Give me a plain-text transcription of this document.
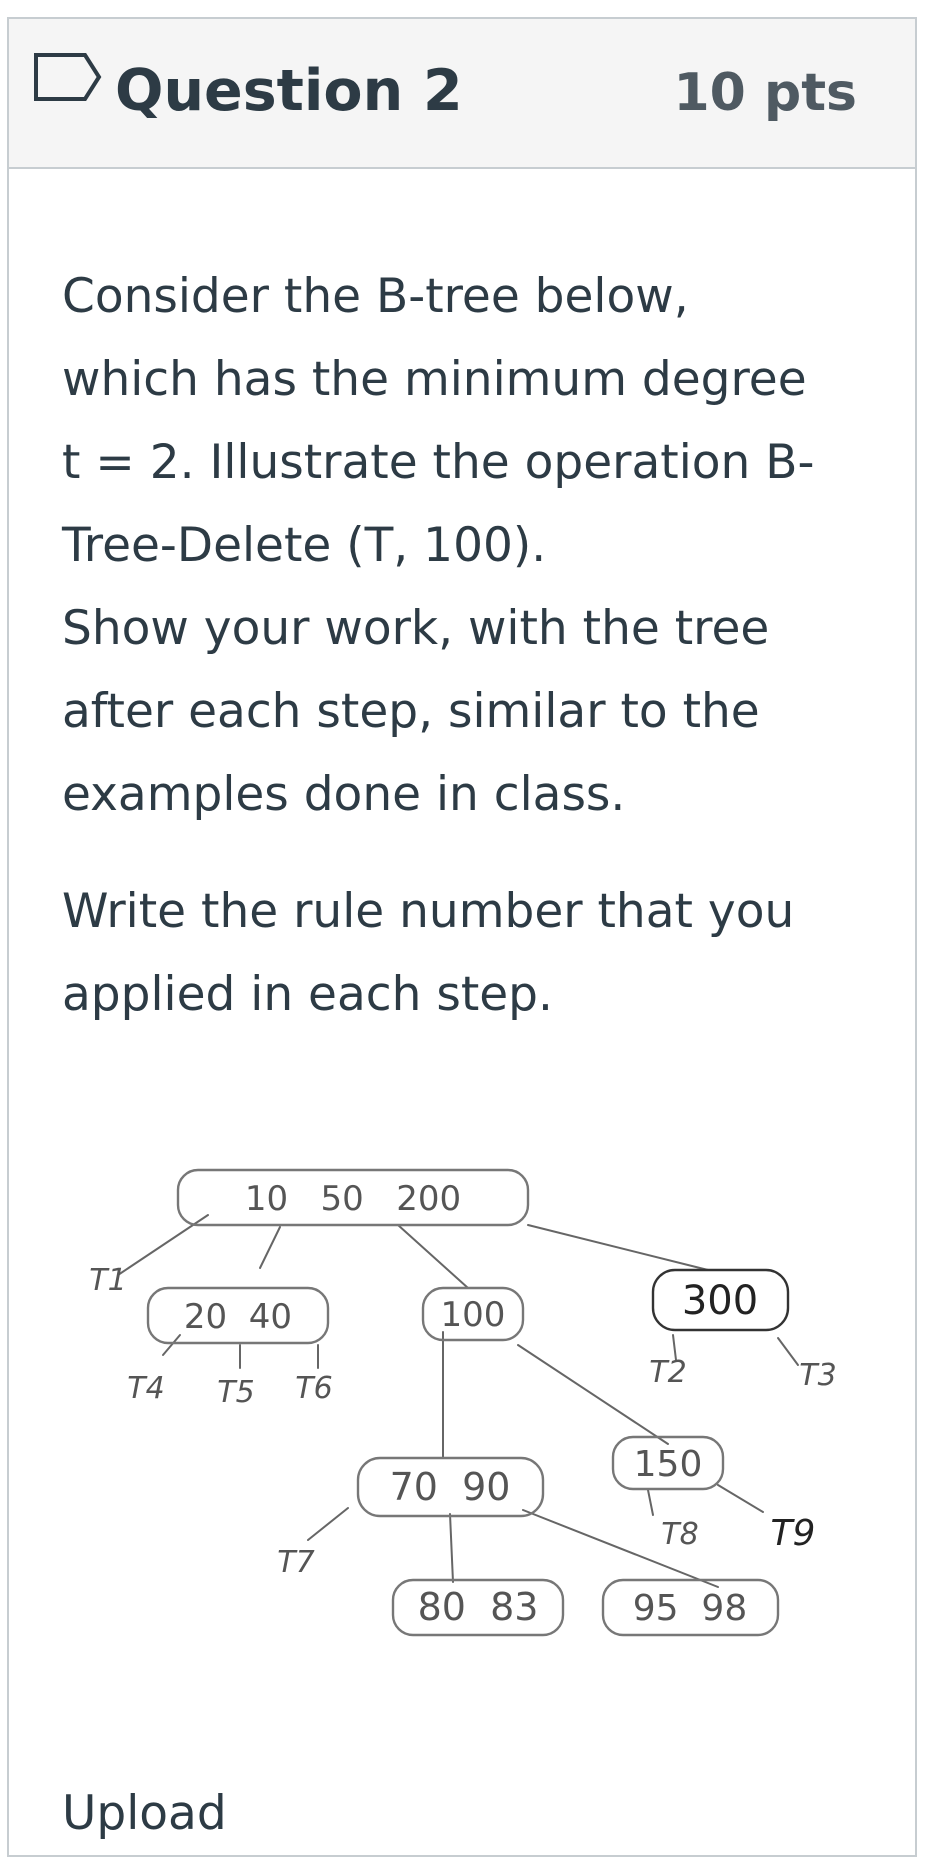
Question 2	10 pts

Consider the B-tree below,

which has the minimum degree

t = 2. Illustrate the operation B-

Tree-Delete (T, 100).

Show your work, with the tree

after each step, similar to the

examples done in class.

Write the rule number that you

applied in each step.

10   50   200
20  40	100	300
70  90
150
80  83	95  98
T1
T2	T3
T4 T5 T6
T7
T8 T9
Upload
